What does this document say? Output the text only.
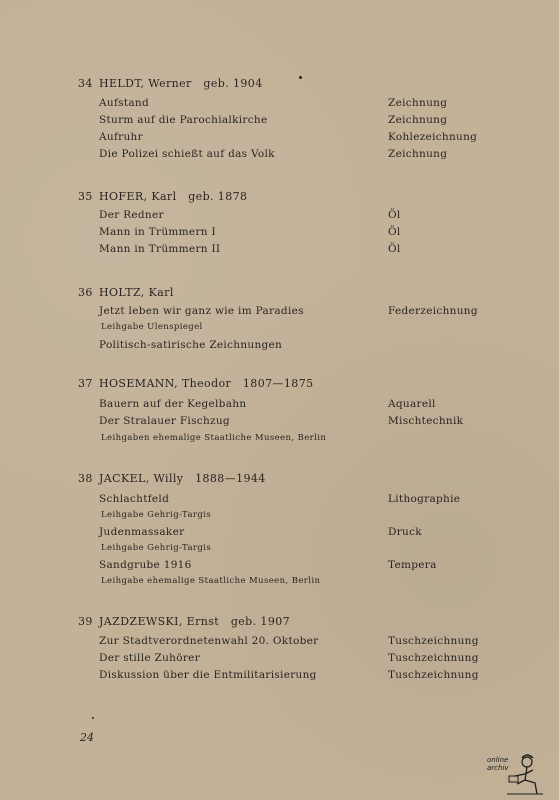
34 HELDT, Werner geb. 1904
Aufstand	Zeichnung
Sturm auf die Parochialkirche	Zeichnung
Aufruhr	Kohlezeichnung
Die Polizei schießt auf das Volk	Zeichnung
35 HOFER, Karl geb. 1878
Der Redner	Öl
Mann in Trümmern I	Öl
Mann in Trümmern II	Öl
36 HOLTZ, Karl
Jetzt leben wir ganz wie im Paradies	Federzeichnung
Leihgabe Ulenspiegel
Politisch-satirische Zeichnungen
37 HOSEMANN, Theodor 1807—1875
Bauern auf der Kegelbahn	Aquarell
Der Stralauer Fischzug	Mischtechnik
Leihgaben ehemalige Staatliche Museen, Berlin
38 JACKEL, Willy 1888—1944
Schlachtfeld	Lithographie
Leihgabe Gehrig-Targis
Judenmassaker	Druck
Leihgabe Gehrig-Targis
Sandgrube 1916	Tempera
Leihgabe ehemalige Staatliche Museen, Berlin
39 JAZDZEWSKI, Ernst geb. 1907
Zur Stadtverordnetenwahl 20. Oktober	Tuschzeichnung
Der stille Zuhörer	Tuschzeichnung
Diskussion über die Entmilitarisierung	Tuschzeichnung
24
online
archiv
